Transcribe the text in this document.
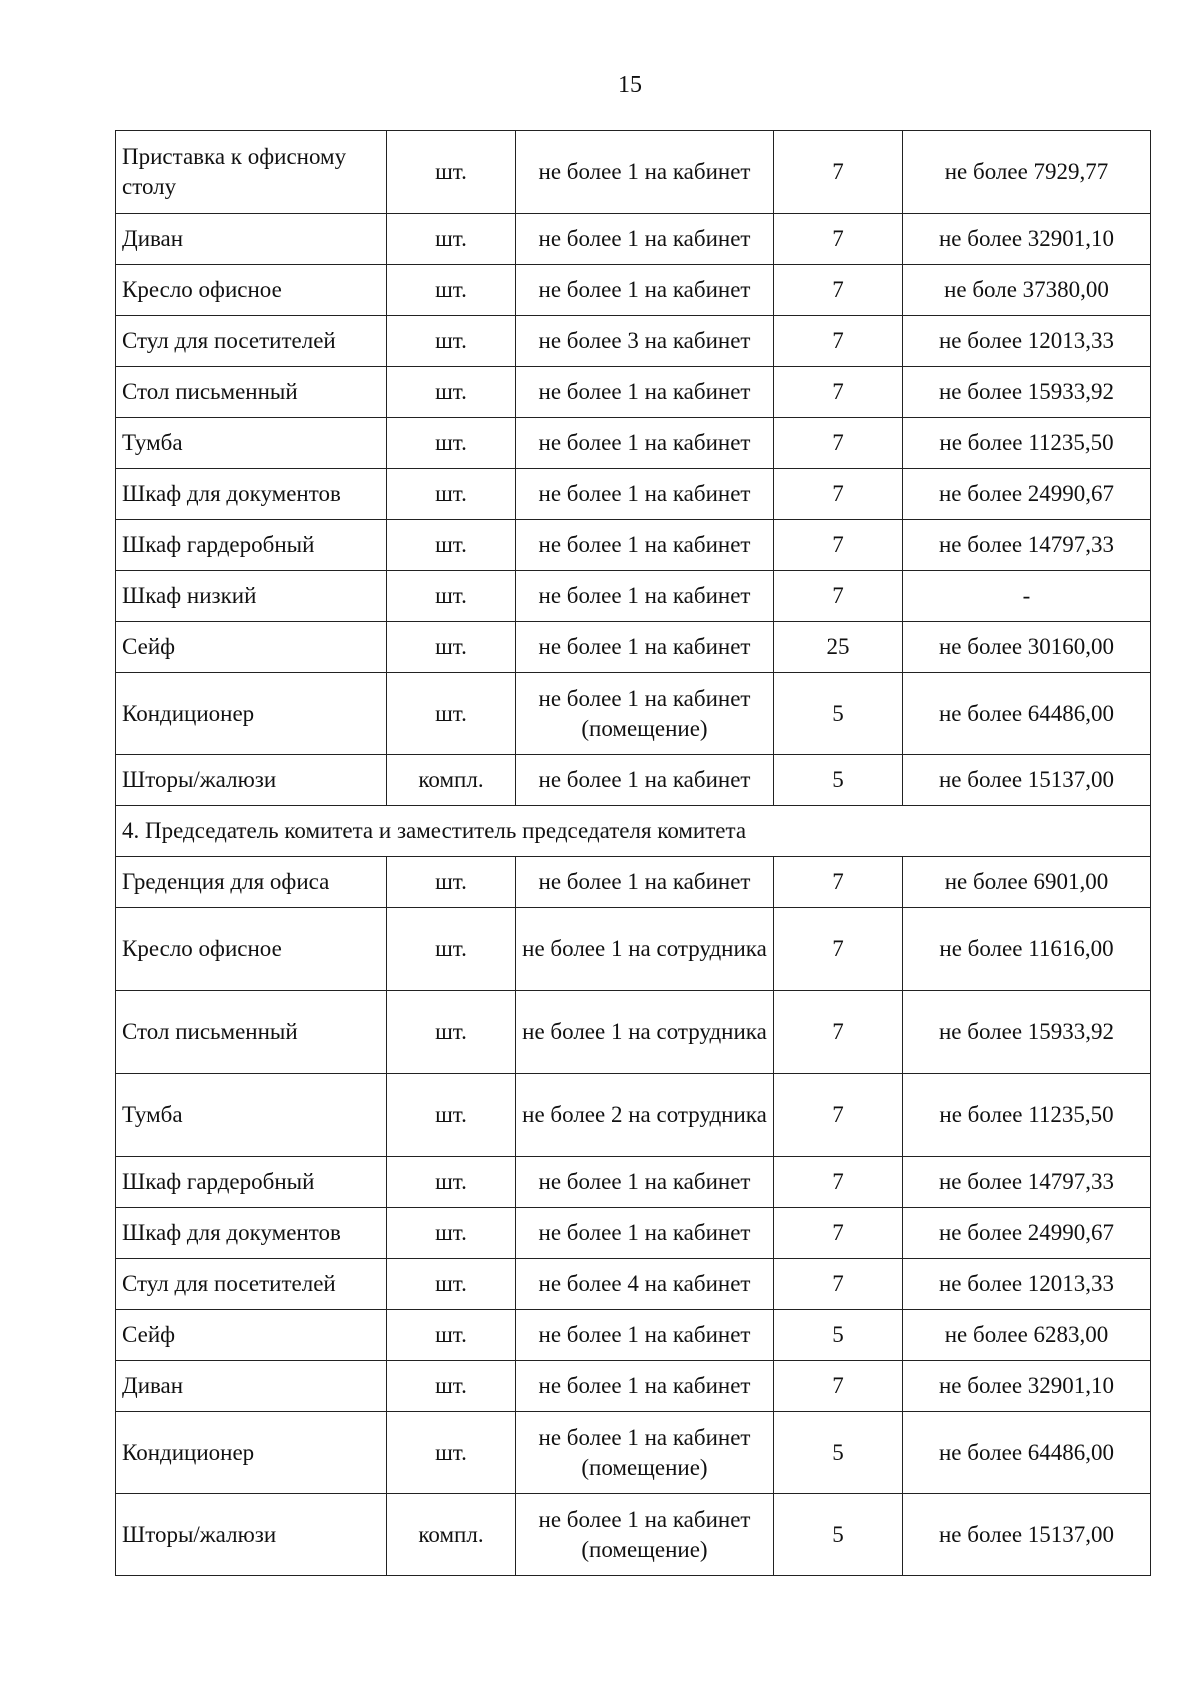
15
Приставка к офисному столу	шт.	не более 1 на кабинет	7	не более 7929,77
Диван	шт.	не более 1 на кабинет	7	не более 32901,10
Кресло офисное	шт.	не более 1 на кабинет	7	не боле 37380,00
Стул для посетителей	шт.	не более 3 на кабинет	7	не более 12013,33
Стол письменный	шт.	не более 1 на кабинет	7	не более 15933,92
Тумба	шт.	не более 1 на кабинет	7	не более 11235,50
Шкаф для документов	шт.	не более 1 на кабинет	7	не более 24990,67
Шкаф гардеробный	шт.	не более 1 на кабинет	7	не более 14797,33
Шкаф низкий	шт.	не более 1 на кабинет	7	-
Сейф	шт.	не более 1 на кабинет	25	не более 30160,00
Кондиционер	шт.	не более 1 на кабинет (помещение)	5	не более 64486,00
Шторы/жалюзи	компл.	не более 1 на кабинет	5	не более 15137,00
4. Председатель комитета и заместитель председателя комитета				
Греденция для офиса	шт.	не более 1 на кабинет	7	не более 6901,00
Кресло офисное	шт.	не более 1 на сотрудника	7	не более 11616,00
Стол письменный	шт.	не более 1 на сотрудника	7	не более 15933,92
Тумба	шт.	не более 2 на сотрудника	7	не более 11235,50
Шкаф гардеробный	шт.	не более 1 на кабинет	7	не более 14797,33
Шкаф для документов	шт.	не более 1 на кабинет	7	не более 24990,67
Стул для посетителей	шт.	не более 4 на кабинет	7	не более 12013,33
Сейф	шт.	не более 1 на кабинет	5	не более 6283,00
Диван	шт.	не более 1 на кабинет	7	не более 32901,10
Кондиционер	шт.	не более 1 на кабинет (помещение)	5	не более 64486,00
Шторы/жалюзи	компл.	не более 1 на кабинет (помещение)	5	не более 15137,00
